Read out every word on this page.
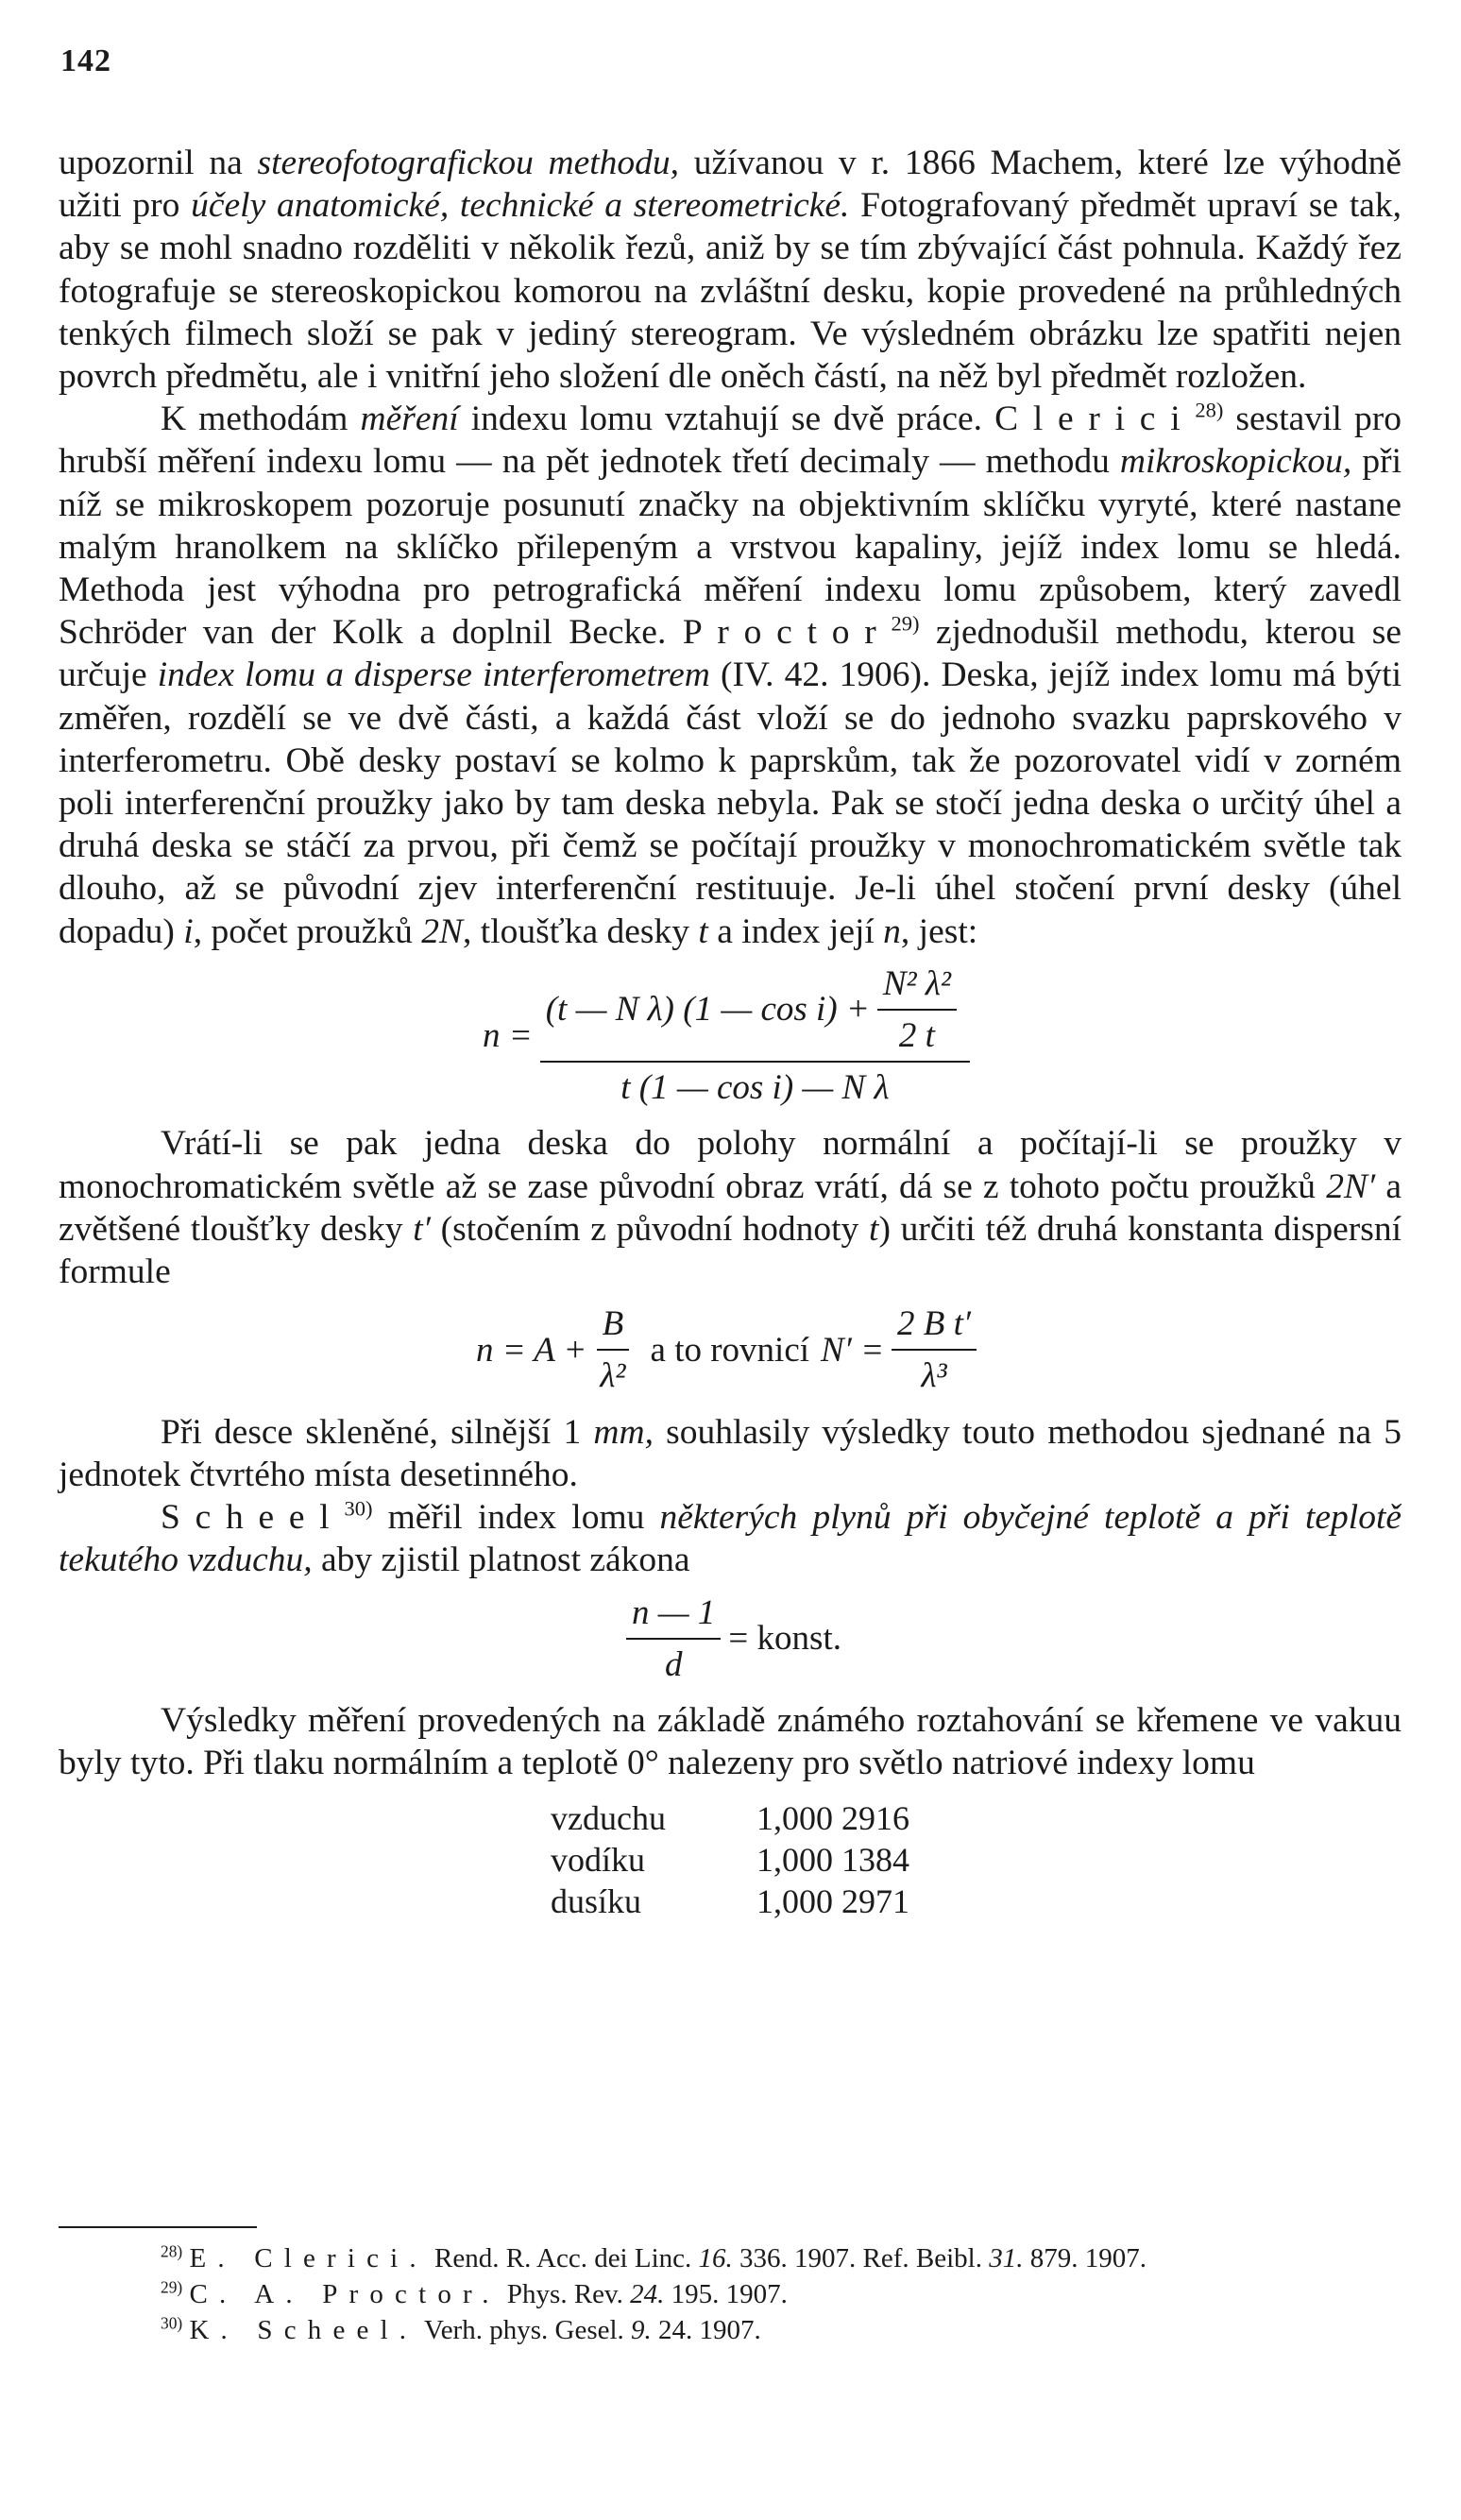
142

upozornil na stereofotografickou methodu, užívanou v r. 1866 Machem, které lze výhodně užiti pro účely anatomické, technické a stereometrické. Fotografovaný předmět upraví se tak, aby se mohl snadno rozděliti v několik řezů, aniž by se tím zbývající část pohnula. Každý řez fotografuje se stereoskopickou komorou na zvláštní desku, kopie provedené na průhledných tenkých filmech složí se pak v jediný stereogram. Ve výsledném obrázku lze spatřiti nejen povrch předmětu, ale i vnitřní jeho složení dle oněch částí, na něž byl předmět rozložen.

K methodám měření indexu lomu vztahují se dvě práce. Clerici$^{28)}$ sestavil pro hrubší měření indexu lomu — na pět jednotek třetí decimaly — methodu mikroskopickou, při níž se mikroskopem pozoruje posunutí značky na objektivním sklíčku vyryté, které nastane malým hranolkem na sklíčko přilepeným a vrstvou kapaliny, jejíž index lomu se hledá. Methoda jest výhodna pro petrografická měření indexu lomu způsobem, který zavedl Schröder van der Kolk a doplnil Becke. Proctor$^{29)}$ zjednodušil methodu, kterou se určuje index lomu a disperse interferometrem (IV. 42. 1906). Deska, jejíž index lomu má býti změřen, rozdělí se ve dvě části, a každá část vloží se do jednoho svazku paprskového v interferometru. Obě desky postaví se kolmo k paprskům, tak že pozorovatel vidí v zorném poli interferenční proužky jako by tam deska nebyla. Pak se stočí jedna deska o určitý úhel a druhá deska se stáčí za prvou, při čemž se počítají proužky v monochromatickém světle tak dlouho, až se původní zjev interferenční restituuje. Je-li úhel stočení první desky (úhel dopadu) i, počet proužků 2N, tloušťka desky t a index její n, jest:

n =
(t — N λ) (1 — $\cos i) + \frac{\text{N² λ²}}{2 t}$
t (1 — cos i) — N λ

Vrátí-li se pak jedna deska do polohy normální a počítají-li se proužky v monochromatickém světle až se zase původní obraz vrátí, dá se z tohoto počtu proužků 2N′ a zvětšené tloušťky desky t′ (stočením z původní hodnoty t) určiti též druhá konstanta dispersní formule

$n = A + \frac{B}{\text{λ²}}$ a to rovnicí $N' = \frac{\text{2 B t′}}{\text{λ³}}$

Při desce skleněné, silnější 1 mm, souhlasily výsledky touto methodou sjednané na 5 jednotek čtvrtého místa desetinného.

Scheel$^{30)}$ měřil index lomu některých plynů při obyčejné teplotě a při teplotě tekutého vzduchu, aby zjistil platnost zákona

$\frac{n — 1}{d}$ = konst.

Výsledky měření provedených na základě známého roztahování se křemene ve vakuu byly tyto. Při tlaku normálním a teplotě 0° nalezeny pro světlo natriové indexy lomu

vzduchu	1,000 2916
vodíku	1,000 1384
dusíku	1,000 2971

$^{28)}$ E. Clerici. Rend. R. Acc. dei Linc. 16. 336. 1907. Ref. Beibl. 31. 879. 1907.

$^{29)}$ C. A. Proctor. Phys. Rev. 24. 195. 1907.

$^{30)}$ K. Scheel. Verh. phys. Gesel. 9. 24. 1907.
